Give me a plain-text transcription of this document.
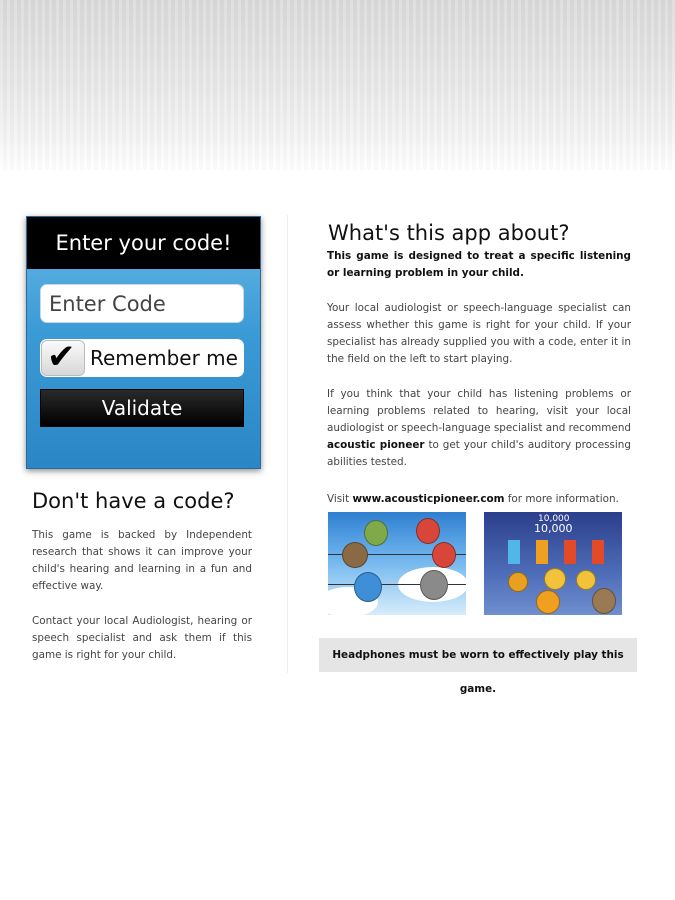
Enter your code!
Enter Code
✔ Remember me
Validate
Don't have a code?
This game is backed by Independent research that shows it can improve your child's hearing and learning in a fun and effective way.
Contact your local Audiologist, hearing or speech specialist and ask them if this game is right for your child.
What's this app about?
This game is designed to treat a specific listening or learning problem in your child.
Your local audiologist or speech-language specialist can assess whether this game is right for your child. If your specialist has already supplied you with a code, enter it in the field on the left to start playing.
If you think that your child has listening problems or learning problems related to hearing, visit your local audiologist or speech-language specialist and recommend acoustic pioneer to get your child's auditory processing abilities tested.
Visit www.acousticpioneer.com for more information.
10,000
10,000
Headphones must be worn to effectively play this game.
